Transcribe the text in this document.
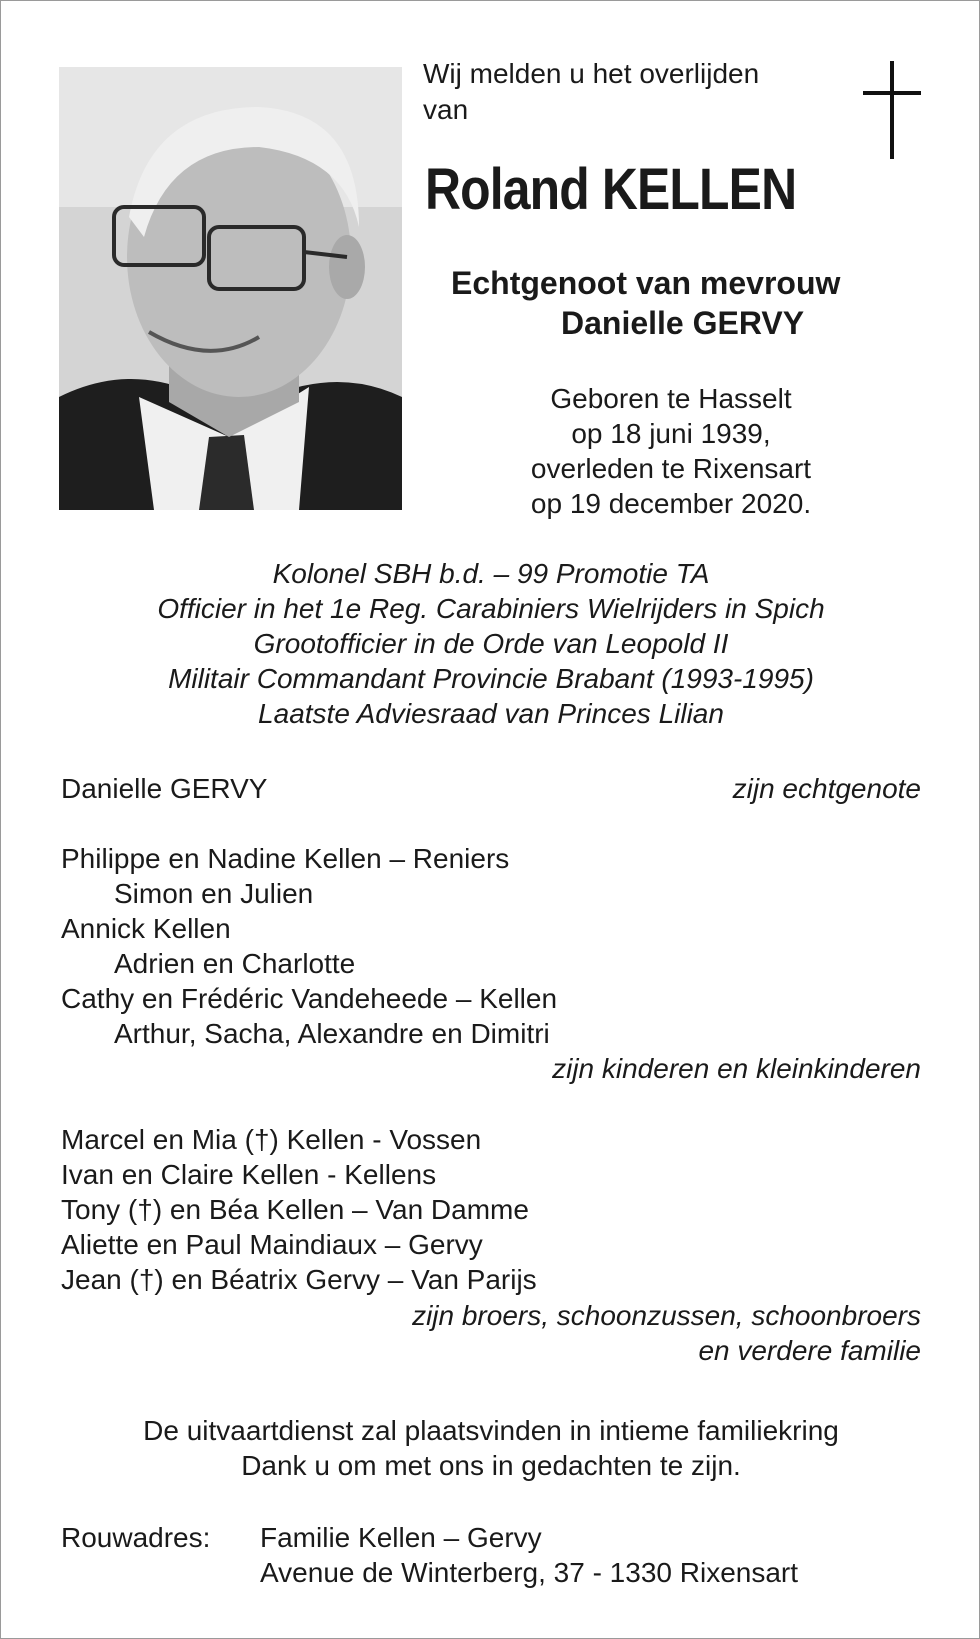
Wij melden u het overlijden
van
Roland KELLEN
Echtgenoot van mevrouw
Danielle GERVY
Geboren te Hasselt
op 18 juni 1939,
overleden te Rixensart
op 19 december 2020.
Kolonel SBH b.d. – 99 Promotie TA
Officier in het 1e Reg. Carabiniers Wielrijders in Spich
Grootofficier in de Orde van Leopold II
Militair Commandant Provincie Brabant (1993-1995)
Laatste Adviesraad van Princes Lilian
Danielle GERVY	zijn echtgenote
Philippe en Nadine Kellen – Reniers
Simon en Julien
Annick Kellen
Adrien en Charlotte
Cathy en Frédéric Vandeheede – Kellen
Arthur, Sacha, Alexandre en Dimitri
zijn kinderen en kleinkinderen
Marcel en Mia (†) Kellen - Vossen
Ivan en Claire Kellen - Kellens
Tony (†) en Béa Kellen – Van Damme
Aliette en Paul Maindiaux – Gervy
Jean (†) en Béatrix Gervy – Van Parijs
zijn broers, schoonzussen, schoonbroers
en verdere familie
De uitvaartdienst zal plaatsvinden in intieme familiekring
Dank u om met ons in gedachten te zijn.
Rouwadres: Familie Kellen – Gervy
Avenue de Winterberg, 37 - 1330 Rixensart
